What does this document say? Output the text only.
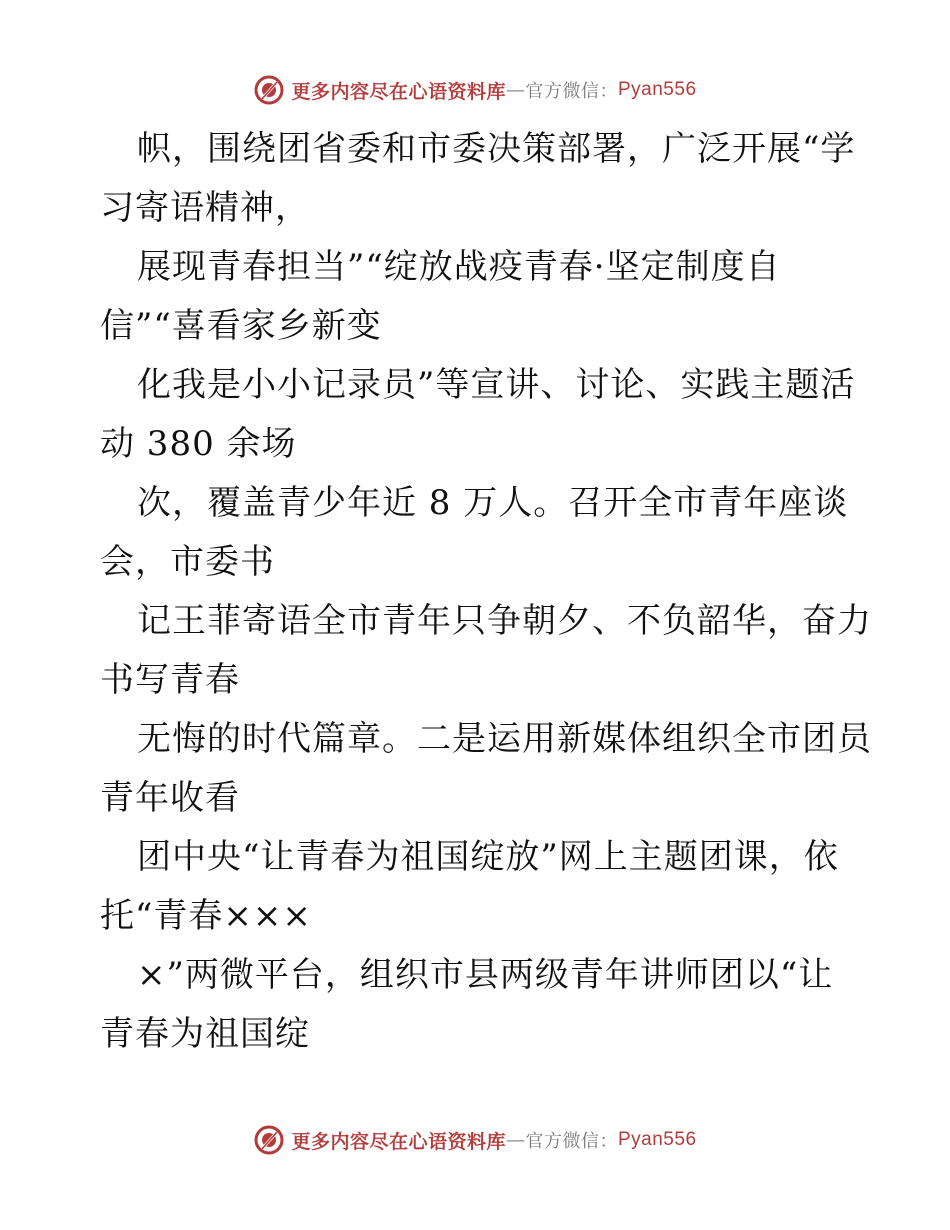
更多内容尽在心语资料库 — 官方微信： Pyan556
帜，围绕团省委和市委决策部署，广泛开展“学
习寄语精神，
展现青春担当”“绽放战疫青春·坚定制度自
信”“喜看家乡新变
化我是小小记录员”等宣讲、讨论、实践主题活
动 380 余场
次，覆盖青少年近 8 万人。召开全市青年座谈
会，市委书
记王菲寄语全市青年只争朝夕、不负韶华，奋力
书写青春
无悔的时代篇章。二是运用新媒体组织全市团员
青年收看
团中央“让青春为祖国绽放”网上主题团课，依
托“青春×××
×”两微平台，组织市县两级青年讲师团以“让
青春为祖国绽
更多内容尽在心语资料库 — 官方微信： Pyan556
